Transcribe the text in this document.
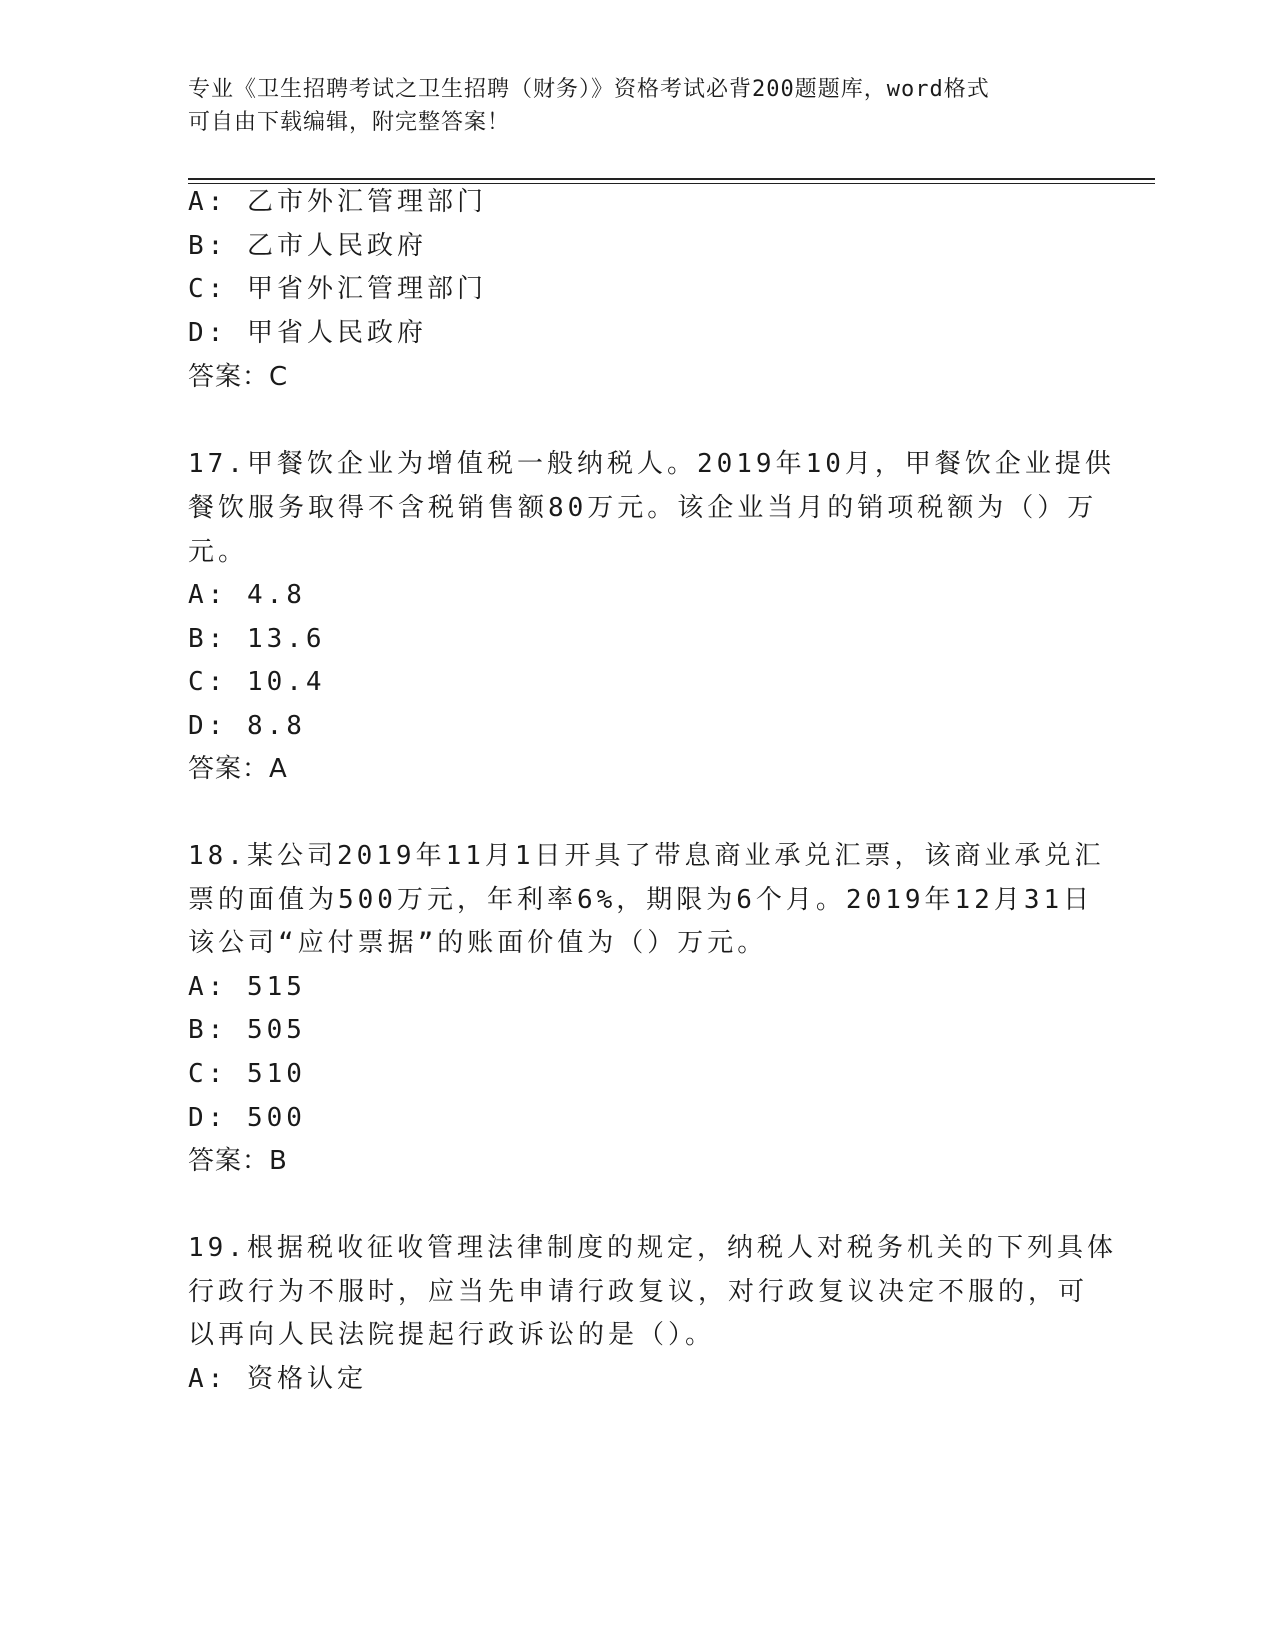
专业《卫生招聘考试之卫生招聘（财务）》资格考试必背200题题库，word格式
可自由下载编辑，附完整答案！
A: 乙市外汇管理部门
B: 乙市人民政府
C: 甲省外汇管理部门
D: 甲省人民政府
答案：C
17.甲餐饮企业为增值税一般纳税人。2019年10月，甲餐饮企业提供
餐饮服务取得不含税销售额80万元。该企业当月的销项税额为（）万
元。
A: 4.8
B: 13.6
C: 10.4
D: 8.8
答案：A
18.某公司2019年11月1日开具了带息商业承兑汇票，该商业承兑汇
票的面值为500万元，年利率6%，期限为6个月。2019年12月31日
该公司“应付票据”的账面价值为（）万元。
A: 515
B: 505
C: 510
D: 500
答案：B
19.根据税收征收管理法律制度的规定，纳税人对税务机关的下列具体
行政行为不服时，应当先申请行政复议，对行政复议决定不服的，可
以再向人民法院提起行政诉讼的是（）。
A: 资格认定
